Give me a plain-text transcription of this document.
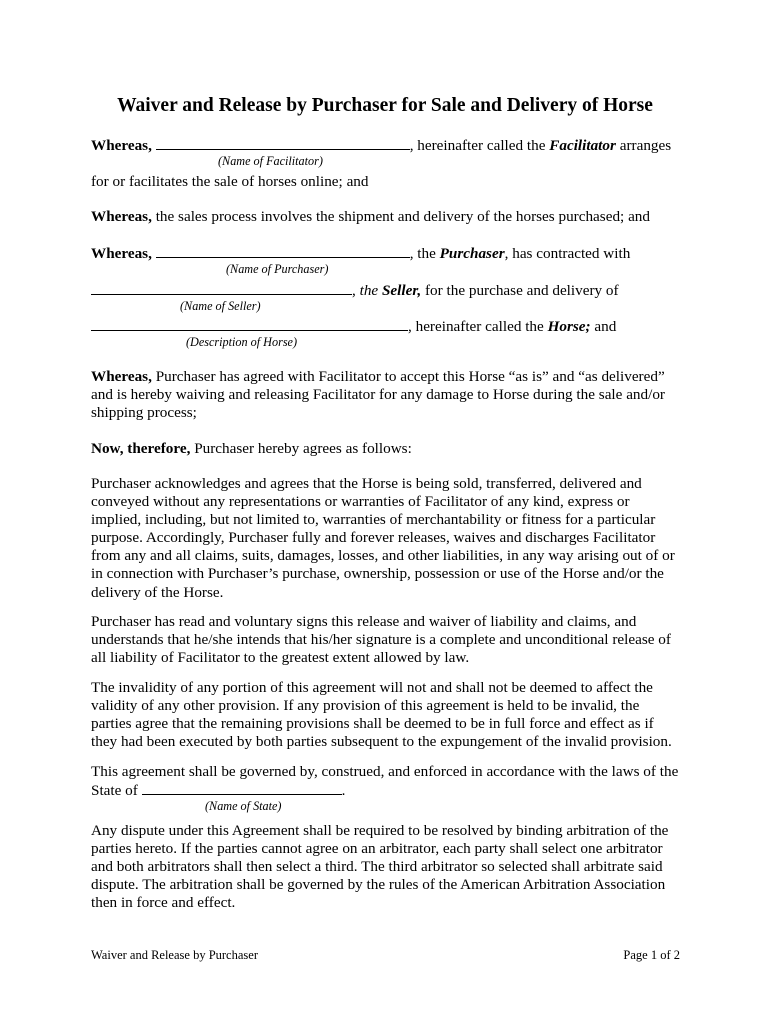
Waiver and Release by Purchaser for Sale and Delivery of Horse
Whereas,	, hereinafter called the Facilitator arranges
(Name of Facilitator)
for or facilitates the sale of horses online; and
Whereas, the sales process involves the shipment and delivery of the horses purchased; and
Whereas,	, the Purchaser, has contracted with
(Name of Purchaser)
, the Seller, for the purchase and delivery of
(Name of Seller)
, hereinafter called the Horse; and
(Description of Horse)
Whereas, Purchaser has agreed with Facilitator to accept this Horse “as is” and “as delivered”
and is hereby waiving and releasing Facilitator for any damage to Horse during the sale and/or
shipping process;
Now, therefore, Purchaser hereby agrees as follows:
Purchaser acknowledges and agrees that the Horse is being sold, transferred, delivered and
conveyed without any representations or warranties of Facilitator of any kind, express or
implied, including, but not limited to, warranties of merchantability or fitness for a particular
purpose. Accordingly, Purchaser fully and forever releases, waives and discharges Facilitator
from any and all claims, suits, damages, losses, and other liabilities, in any way arising out of or
in connection with Purchaser’s purchase, ownership, possession or use of the Horse and/or the
delivery of the Horse.
Purchaser has read and voluntary signs this release and waiver of liability and claims, and
understands that he/she intends that his/her signature is a complete and unconditional release of
all liability of Facilitator to the greatest extent allowed by law.
The invalidity of any portion of this agreement will not and shall not be deemed to affect the
validity of any other provision. If any provision of this agreement is held to be invalid, the
parties agree that the remaining provisions shall be deemed to be in full force and effect as if
they had been executed by both parties subsequent to the expungement of the invalid provision.
This agreement shall be governed by, construed, and enforced in accordance with the laws of the
State of	.
(Name of State)
Any dispute under this Agreement shall be required to be resolved by binding arbitration of the
parties hereto. If the parties cannot agree on an arbitrator, each party shall select one arbitrator
and both arbitrators shall then select a third. The third arbitrator so selected shall arbitrate said
dispute. The arbitration shall be governed by the rules of the American Arbitration Association
then in force and effect.
Waiver and Release by Purchaser	Page 1 of 2
